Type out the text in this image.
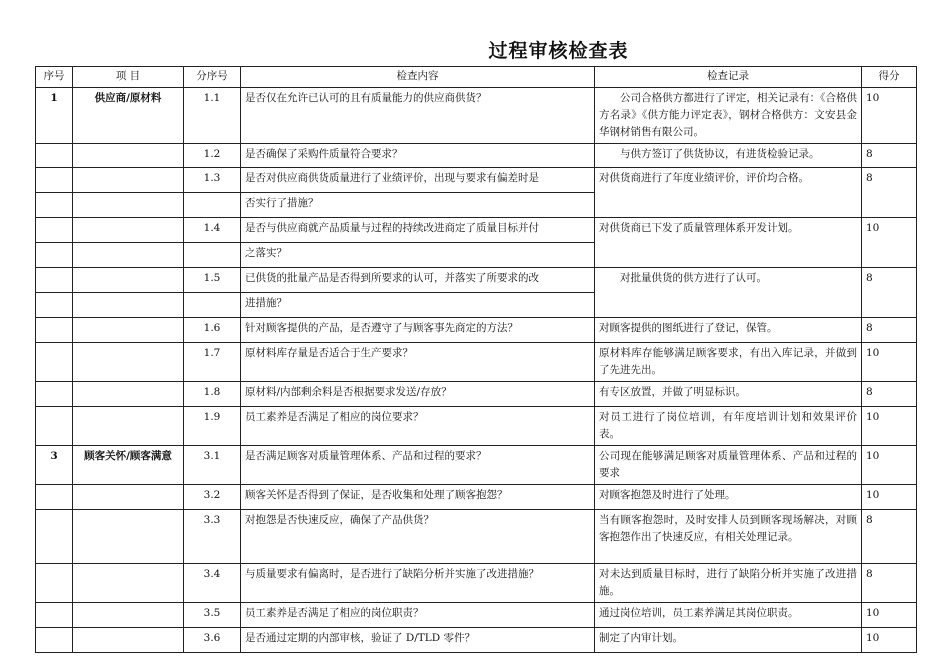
过程审核检查表
序号	项 目	分序号	检查内容	检查记录	得分
1	供应商/原材料	1.1	是否仅在允许已认可的且有质量能力的供应商供货？	公司合格供方都进行了评定，相关记录有：《合格供方名录》《供方能力评定表》，钢材合格供方：文安县金华钢材销售有限公司。	10
		1.2	是否确保了采购件质量符合要求？	与供方签订了供货协议，有进货检验记录。	8
		1.3	是否对供应商供货质量进行了业绩评价，出现与要求有偏差时是	对供货商进行了年度业绩评价，评价均合格。	8
			否实行了措施？		
		1.4	是否与供应商就产品质量与过程的持续改进商定了质量目标并付	对供货商已下发了质量管理体系开发计划。	10
			之落实？		
		1.5	已供货的批量产品是否得到所要求的认可，并落实了所要求的改	对批量供货的供方进行了认可。	8
			进措施？		
		1.6	针对顾客提供的产品，是否遵守了与顾客事先商定的方法？	对顾客提供的图纸进行了登记，保管。	8
		1.7	原材料库存量是否适合于生产要求？	原材料库存能够满足顾客要求，有出入库记录，并做到了先进先出。	10
		1.8	原材料/内部剩余料是否根据要求发送/存放？	有专区放置，并做了明显标识。	8
		1.9	员工素养是否满足了相应的岗位要求？	对员工进行了岗位培训，有年度培训计划和效果评价表。	10
3	顾客关怀/顾客满意	3.1	是否满足顾客对质量管理体系、产品和过程的要求？	公司现在能够满足顾客对质量管理体系、产品和过程的要求	10
		3.2	顾客关怀是否得到了保证，是否收集和处理了顾客抱怨？	对顾客抱怨及时进行了处理。	10
		3.3	对抱怨是否快速反应，确保了产品供货？	当有顾客抱怨时，及时安排人员到顾客现场解决，对顾客抱怨作出了快速反应，有相关处理记录。	8
		3.4	与质量要求有偏离时，是否进行了缺陷分析并实施了改进措施？	对未达到质量目标时，进行了缺陷分析并实施了改进措施。	8
		3.5	员工素养是否满足了相应的岗位职责？	通过岗位培训，员工素养满足其岗位职责。	10
		3.6	是否通过定期的内部审核，验证了 D/TLD 零件？	制定了内审计划。	10
